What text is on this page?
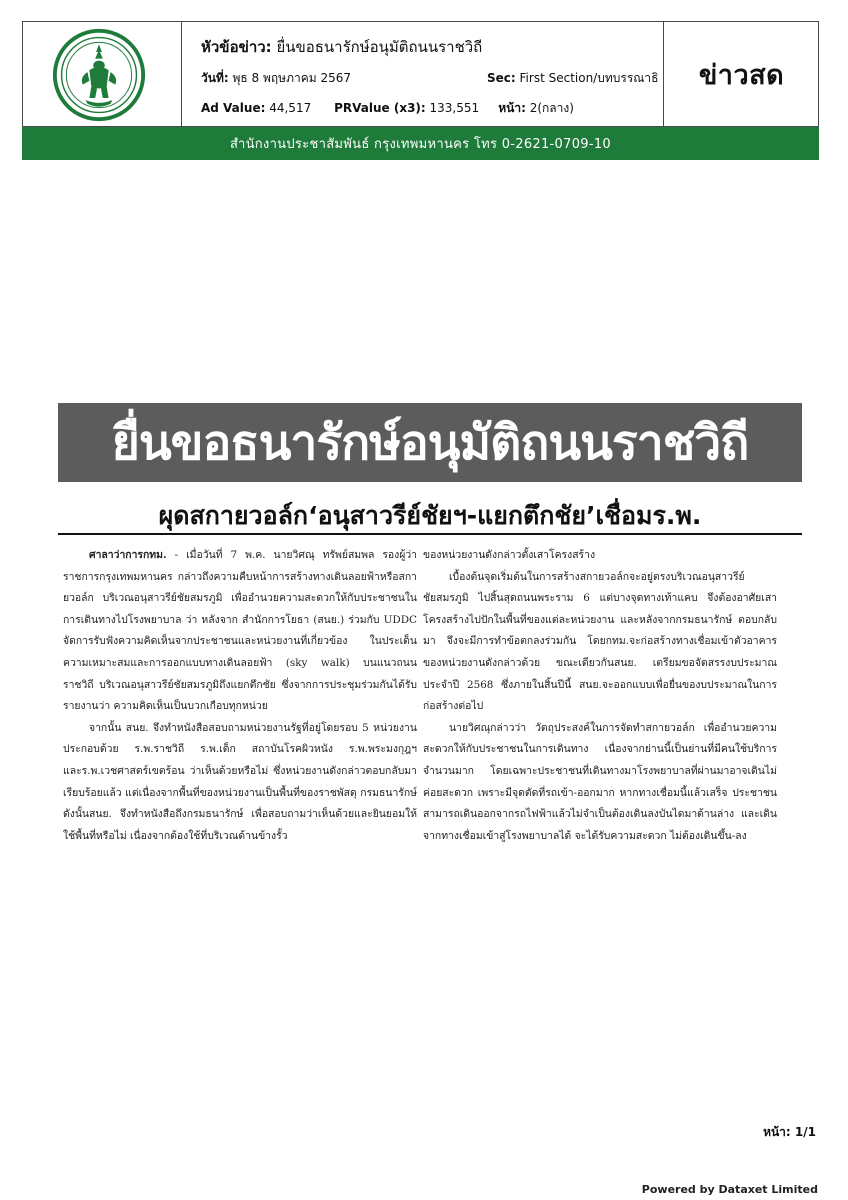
หัวข้อข่าว: ยื่นขอธนารักษ์อนุมัติถนนราชวิถี
วันที่: พุธ 8 พฤษภาคม 2567	Sec: First Section/บทบรรณาธิ
Ad Value: 44,517 PRValue (x3): 133,551 หน้า: 2(กลาง)
ข่าวสด
สำนักงานประชาสัมพันธ์ กรุงเทพมหานคร โทร 0-2621-0709-10
ยื่นขอธนารักษ์อนุมัติถนนราชวิถี
ผุดสกายวอล์ก‘อนุสาวรีย์ชัยฯ-แยกตึกชัย’เชื่อมร.พ.

ศาลาว่าการกทม. - เมื่อวันที่ 7 พ.ค. นายวิศณุ ทรัพย์สมพล รองผู้ว่าราชการกรุงเทพมหานคร กล่าวถึงความคืบหน้าการสร้างทางเดินลอยฟ้าหรือสกายวอล์ก บริเวณอนุสาวรีย์ชัยสมรภูมิ เพื่ออำนวยความสะดวกให้กับประชาชนในการเดินทางไปโรงพยาบาล ว่า หลังจาก สำนักการโยธา (สนย.) ร่วมกับ UDDC จัดการรับฟังความคิดเห็นจากประชาชนและหน่วยงานที่เกี่ยวข้อง ในประเด็นความเหมาะสมและการออกแบบทางเดินลอยฟ้า (sky walk) บนแนวถนนราชวิถี บริเวณอนุสาวรีย์ชัยสมรภูมิถึงแยกตึกชัย ซึ่งจากการประชุมร่วมกันได้รับรายงานว่า ความคิดเห็นเป็นบวกเกือบทุกหน่วย

จากนั้น สนย. จึงทำหนังสือสอบถามหน่วยงานรัฐที่อยู่โดยรอบ 5 หน่วยงาน ประกอบด้วย ร.พ.ราชวิถี ร.พ.เด็ก สถาบันโรคผิวหนัง ร.พ.พระมงกุฎฯ และร.พ.เวชศาสตร์เขตร้อน ว่าเห็นด้วยหรือไม่ ซึ่งหน่วยงานดังกล่าวตอบกลับมาเรียบร้อยแล้ว แต่เนื่องจากพื้นที่ของหน่วยงานเป็นพื้นที่ของราชพัสดุ กรมธนารักษ์ ดังนั้นสนย. จึงทำหนังสือถึงกรมธนารักษ์ เพื่อสอบถามว่าเห็นด้วยและยินยอมให้ใช้พื้นที่หรือไม่ เนื่องจากต้องใช้ที่บริเวณด้านข้างรั้ว

ของหน่วยงานดังกล่าวตั้งเสาโครงสร้าง

เบื้องต้นจุดเริ่มต้นในการสร้างสกายวอล์กจะอยู่ตรงบริเวณอนุสาวรีย์ชัยสมรภูมิ ไปสิ้นสุดถนนพระราม 6 แต่บางจุดทางเท้าแคบ จึงต้องอาศัยเสาโครงสร้างไปปักในพื้นที่ของแต่ละหน่วยงาน และหลังจากกรมธนารักษ์ ตอบกลับมา จึงจะมีการทำข้อตกลงร่วมกัน โดยกทม.จะก่อสร้างทางเชื่อมเข้าตัวอาคารของหน่วยงานดังกล่าวด้วย ขณะเดียวกันสนย. เตรียมขอจัดสรรงบประมาณประจำปี 2568 ซึ่งภายในสิ้นปีนี้ สนย.จะออกแบบเพื่อยื่นของบประมาณในการก่อสร้างต่อไป

นายวิศณุกล่าวว่า วัตถุประสงค์ในการจัดทำสกายวอล์ก เพื่ออำนวยความสะดวกให้กับประชาชนในการเดินทาง เนื่องจากย่านนี้เป็นย่านที่มีคนใช้บริการจำนวนมาก โดยเฉพาะประชาชนที่เดินทางมาโรงพยาบาลที่ผ่านมาอาจเดินไม่ค่อยสะดวก เพราะมีจุดตัดที่รถเข้า-ออกมาก หากทางเชื่อมนี้แล้วเสร็จ ประชาชนสามารถเดินออกจากรถไฟฟ้าแล้วไม่จำเป็นต้องเดินลงบันไดมาด้านล่าง และเดินจากทางเชื่อมเข้าสู่โรงพยาบาลได้ จะได้รับความสะดวก ไม่ต้องเดินขึ้น-ลง

หน้า: 1/1
Powered by Dataxet Limited
